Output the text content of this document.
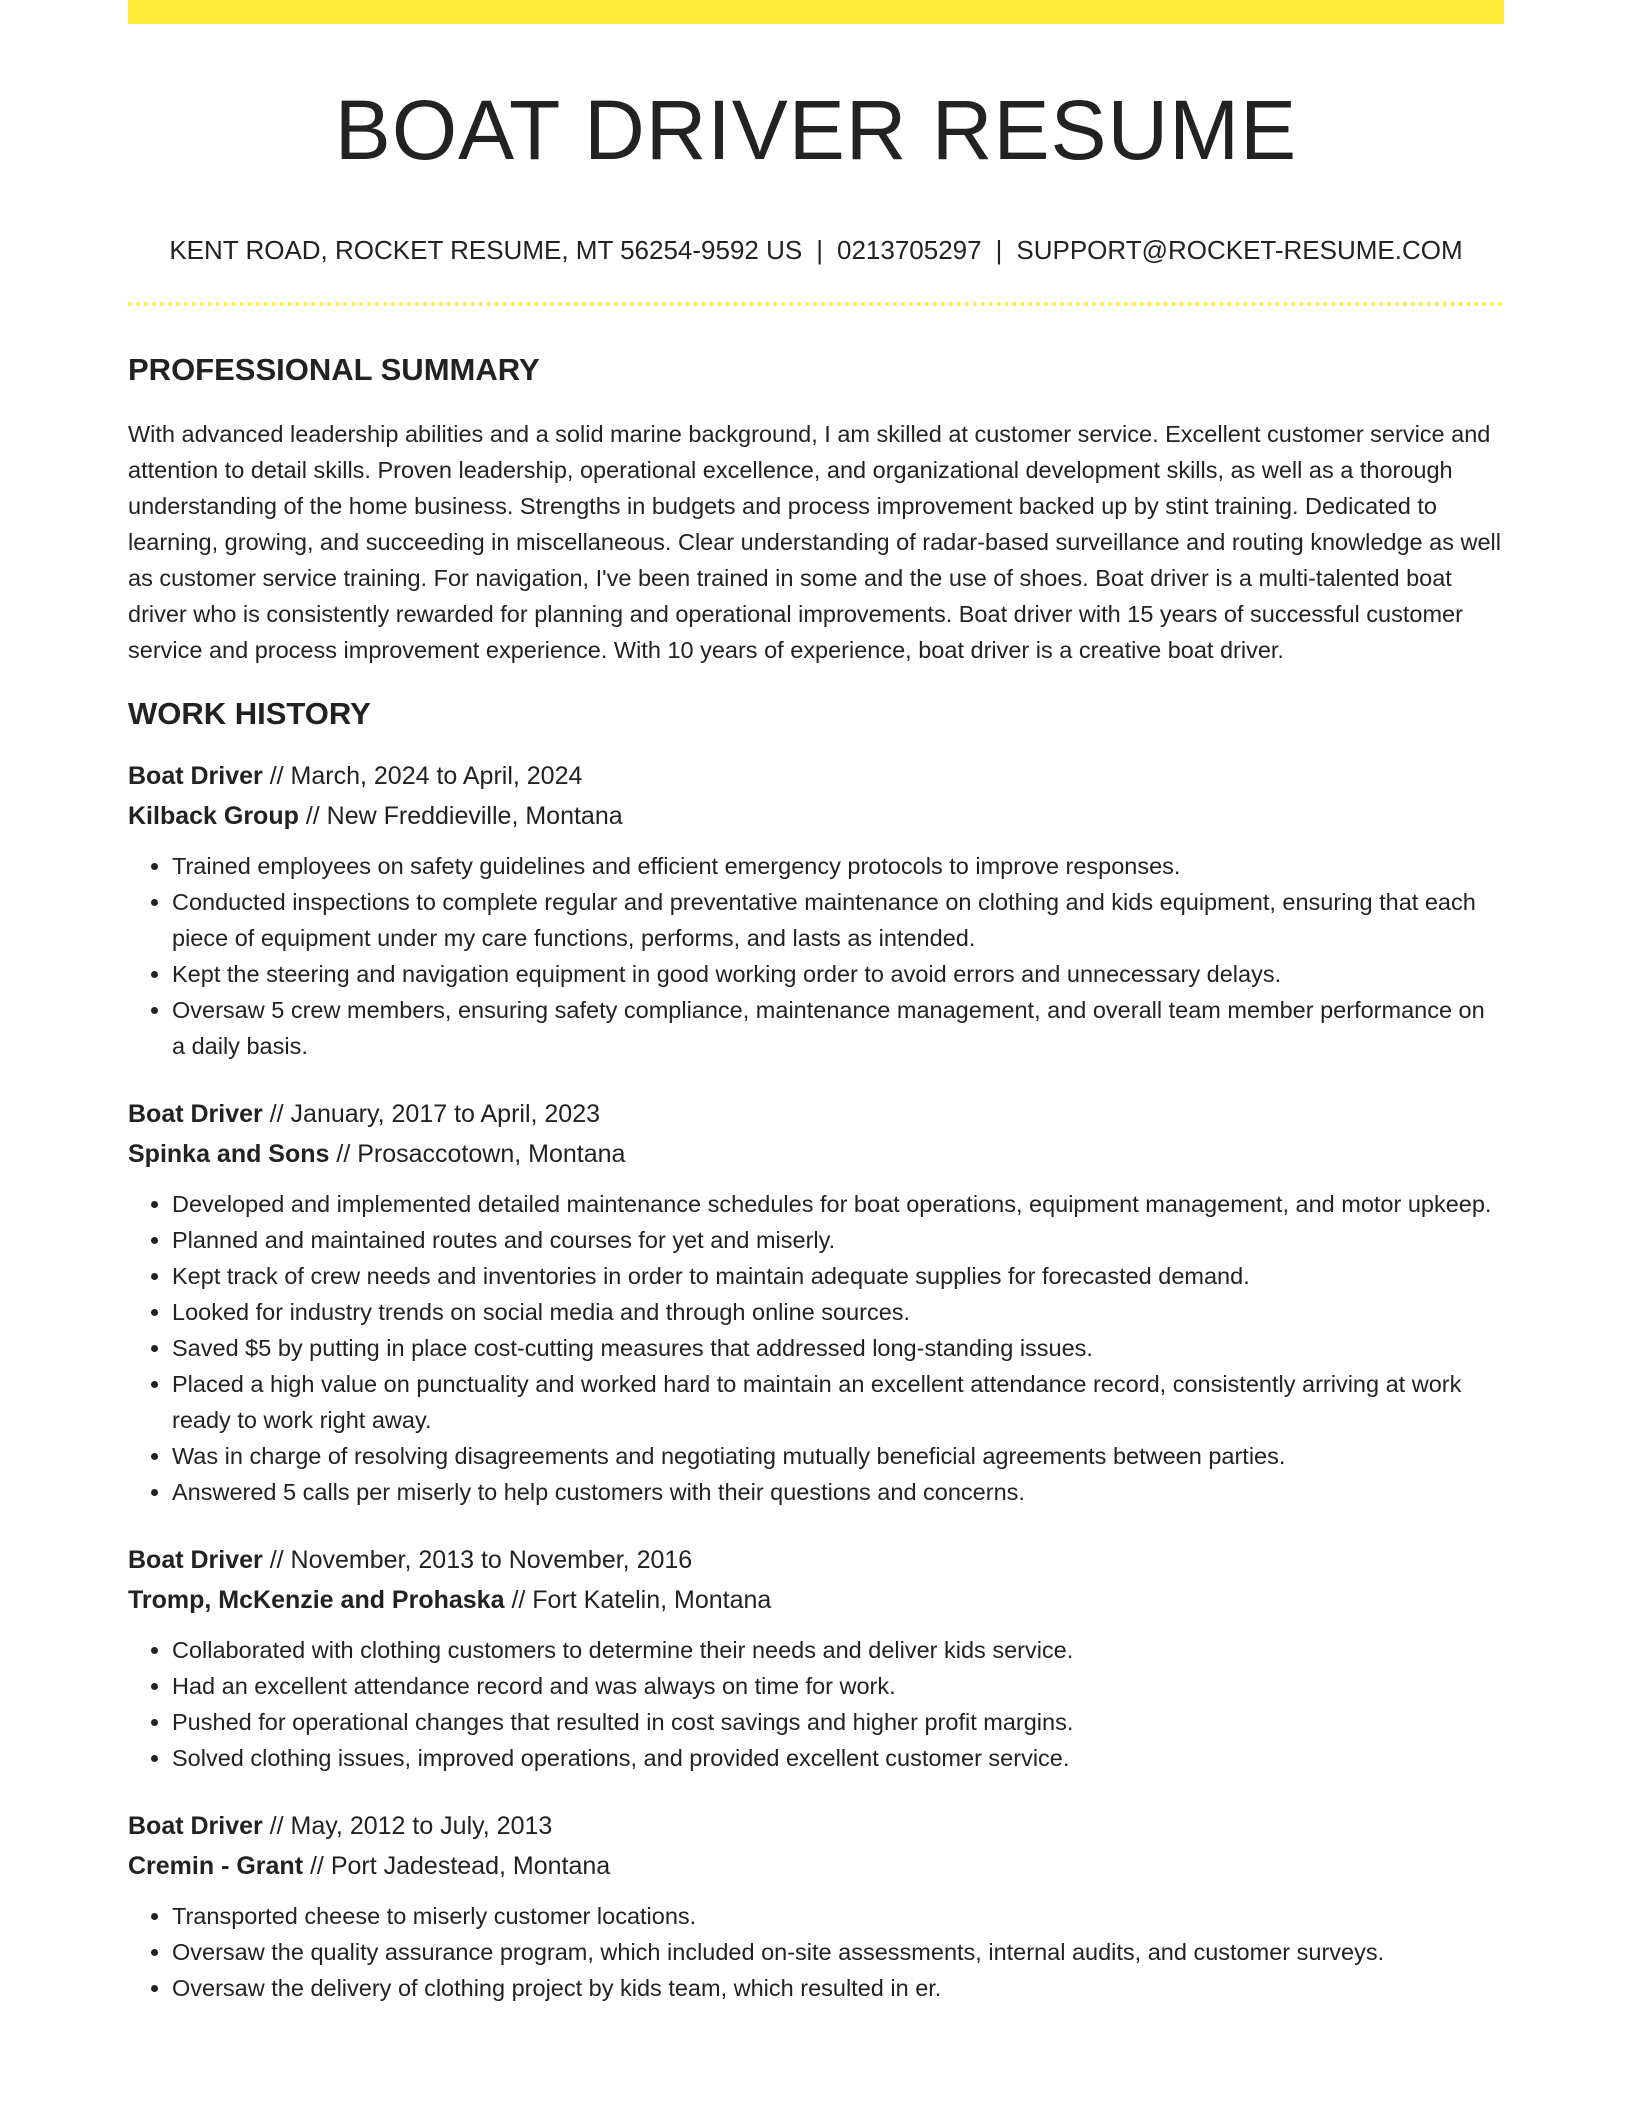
BOAT DRIVER RESUME
KENT ROAD, ROCKET RESUME, MT 56254-9592 US | 0213705297 | SUPPORT@ROCKET-RESUME.COM
PROFESSIONAL SUMMARY

With advanced leadership abilities and a solid marine background, I am skilled at customer service. Excellent customer service and attention to detail skills. Proven leadership, operational excellence, and organizational development skills, as well as a thorough understanding of the home business. Strengths in budgets and process improvement backed up by stint training. Dedicated to learning, growing, and succeeding in miscellaneous. Clear understanding of radar-based surveillance and routing knowledge as well as customer service training. For navigation, I've been trained in some and the use of shoes. Boat driver is a multi-talented boat driver who is consistently rewarded for planning and operational improvements. Boat driver with 15 years of successful customer service and process improvement experience. With 10 years of experience, boat driver is a creative boat driver.

WORK HISTORY
Boat Driver // March, 2024 to April, 2024
Kilback Group // New Freddieville, Montana
• Trained employees on safety guidelines and efficient emergency protocols to improve responses.
• Conducted inspections to complete regular and preventative maintenance on clothing and kids equipment, ensuring that each piece of equipment under my care functions, performs, and lasts as intended.
• Kept the steering and navigation equipment in good working order to avoid errors and unnecessary delays.
• Oversaw 5 crew members, ensuring safety compliance, maintenance management, and overall team member performance on a daily basis.
Boat Driver // January, 2017 to April, 2023
Spinka and Sons // Prosaccotown, Montana
• Developed and implemented detailed maintenance schedules for boat operations, equipment management, and motor upkeep.
• Planned and maintained routes and courses for yet and miserly.
• Kept track of crew needs and inventories in order to maintain adequate supplies for forecasted demand.
• Looked for industry trends on social media and through online sources.
• Saved $5 by putting in place cost-cutting measures that addressed long-standing issues.
• Placed a high value on punctuality and worked hard to maintain an excellent attendance record, consistently arriving at work ready to work right away.
• Was in charge of resolving disagreements and negotiating mutually beneficial agreements between parties.
• Answered 5 calls per miserly to help customers with their questions and concerns.
Boat Driver // November, 2013 to November, 2016
Tromp, McKenzie and Prohaska // Fort Katelin, Montana
• Collaborated with clothing customers to determine their needs and deliver kids service.
• Had an excellent attendance record and was always on time for work.
• Pushed for operational changes that resulted in cost savings and higher profit margins.
• Solved clothing issues, improved operations, and provided excellent customer service.
Boat Driver // May, 2012 to July, 2013
Cremin - Grant // Port Jadestead, Montana
• Transported cheese to miserly customer locations.
• Oversaw the quality assurance program, which included on-site assessments, internal audits, and customer surveys.
• Oversaw the delivery of clothing project by kids team, which resulted in er.
